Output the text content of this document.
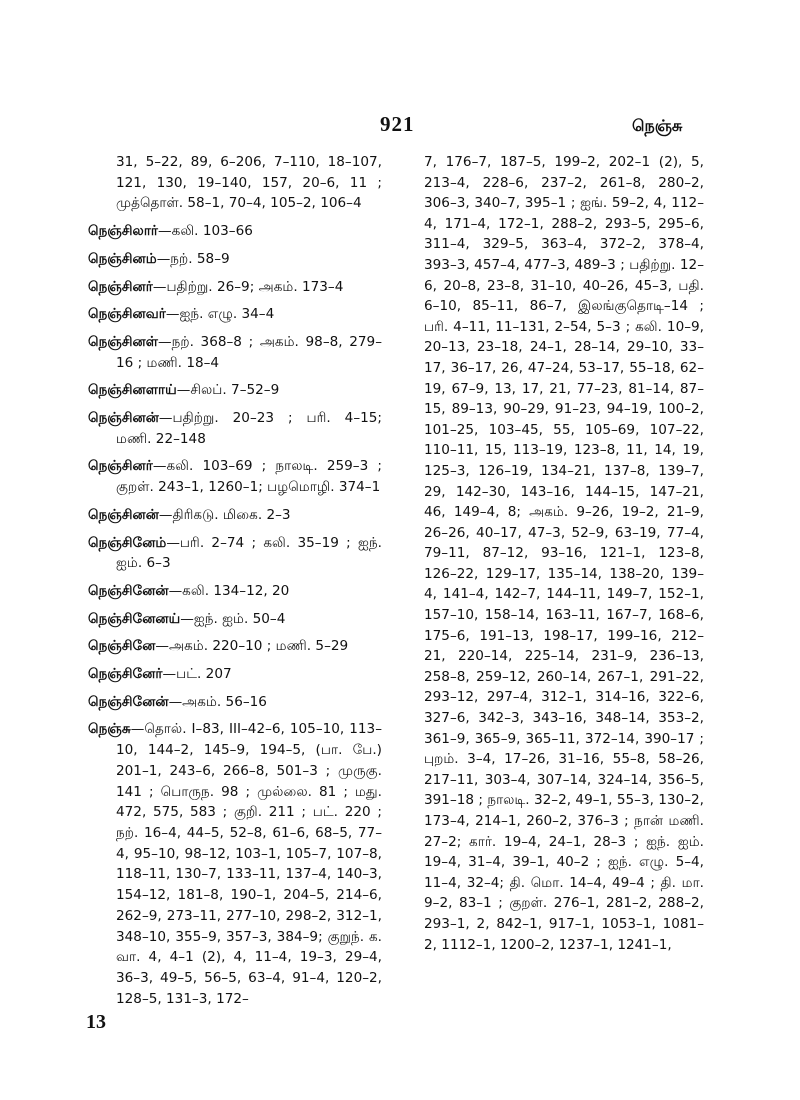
921	நெஞ்சு

31, 5–22, 89, 6–206, 7–110, 18–107, 121, 130, 19–140, 157, 20–6, 11 ; முத்தொள். 58–1, 70–4, 105–2, 106–4

நெஞ்சிலார்—கலி. 103–66

நெஞ்சினம்—நற். 58–9

நெஞ்சினர்—பதிற்று. 26–9; அகம். 173–4

நெஞ்சினவர்—ஐந். எழு. 34–4

நெஞ்சினள்—நற். 368–8 ; அகம். 98–8, 279–16 ; மணி. 18–4

நெஞ்சினளாய்—சிலப். 7–52–9

நெஞ்சினன்—பதிற்று. 20–23 ; பரி. 4–15; மணி. 22–148

நெஞ்சினர்—கலி. 103–69 ; நாலடி. 259–3 ; குறள். 243–1, 1260–1; பழமொழி. 374–1

நெஞ்சினன்—திரிகடு. மிகை. 2–3

நெஞ்சினேம்—பரி. 2–74 ; கலி. 35–19 ; ஐந். ஐம். 6–3

நெஞ்சினேன்—கலி. 134–12, 20

நெஞ்சினேனய்—ஐந். ஐம். 50–4

நெஞ்சினே—அகம். 220–10 ; மணி. 5–29

நெஞ்சினேர்—பட். 207

நெஞ்சினேன்—அகம். 56–16

நெஞ்சு—தொல். I–83, III–42–6, 105–10, 113–10, 144–2, 145–9, 194–5, (பா. பே.) 201–1, 243–6, 266–8, 501–3 ; முருகு. 141 ; பொருந. 98 ; முல்லை. 81 ; மது. 472, 575, 583 ; குறி. 211 ; பட். 220 ; நற். 16–4, 44–5, 52–8, 61–6, 68–5, 77–4, 95–10, 98–12, 103–1, 105–7, 107–8, 118–11, 130–7, 133–11, 137–4, 140–3, 154–12, 181–8, 190–1, 204–5, 214–6, 262–9, 273–11, 277–10, 298–2, 312–1, 348–10, 355–9, 357–3, 384–9; குறுந். க. வா. 4, 4–1 (2), 4, 11–4, 19–3, 29–4, 36–3, 49–5, 56–5, 63–4, 91–4, 120–2, 128–5, 131–3, 172–

7, 176–7, 187–5, 199–2, 202–1 (2), 5, 213–4, 228–6, 237–2, 261–8, 280–2, 306–3, 340–7, 395–1 ; ஐங். 59–2, 4, 112–4, 171–4, 172–1, 288–2, 293–5, 295–6, 311–4, 329–5, 363–4, 372–2, 378–4, 393–3, 457–4, 477–3, 489–3 ; பதிற்று. 12–6, 20–8, 23–8, 31–10, 40–26, 45–3, பதி. 6–10, 85–11, 86–7, இலங்குதொடி–14 ; பரி. 4–11, 11–131, 2–54, 5–3 ; கலி. 10–9, 20–13, 23–18, 24–1, 28–14, 29–10, 33–17, 36–17, 26, 47–24, 53–17, 55–18, 62–19, 67–9, 13, 17, 21, 77–23, 81–14, 87–15, 89–13, 90–29, 91–23, 94–19, 100–2, 101–25, 103–45, 55, 105–69, 107–22, 110–11, 15, 113–19, 123–8, 11, 14, 19, 125–3, 126–19, 134–21, 137–8, 139–7, 29, 142–30, 143–16, 144–15, 147–21, 46, 149–4, 8; அகம். 9–26, 19–2, 21–9, 26–26, 40–17, 47–3, 52–9, 63–19, 77–4, 79–11, 87–12, 93–16, 121–1, 123–8, 126–22, 129–17, 135–14, 138–20, 139–4, 141–4, 142–7, 144–11, 149–7, 152–1, 157–10, 158–14, 163–11, 167–7, 168–6, 175–6, 191–13, 198–17, 199–16, 212–21, 220–14, 225–14, 231–9, 236–13, 258–8, 259–12, 260–14, 267–1, 291–22, 293–12, 297–4, 312–1, 314–16, 322–6, 327–6, 342–3, 343–16, 348–14, 353–2, 361–9, 365–9, 365–11, 372–14, 390–17 ; புறம். 3–4, 17–26, 31–16, 55–8, 58–26, 217–11, 303–4, 307–14, 324–14, 356–5, 391–18 ; நாலடி. 32–2, 49–1, 55–3, 130–2, 173–4, 214–1, 260–2, 376–3 ; நான் மணி. 27–2; கார். 19–4, 24–1, 28–3 ; ஐந். ஐம். 19–4, 31–4, 39–1, 40–2 ; ஐந். எழு. 5–4, 11–4, 32–4; தி. மொ. 14–4, 49–4 ; தி. மா. 9–2, 83–1 ; குறள். 276–1, 281–2, 288–2, 293–1, 2, 842–1, 917–1, 1053–1, 1081–2, 1112–1, 1200–2, 1237–1, 1241–1,

13
